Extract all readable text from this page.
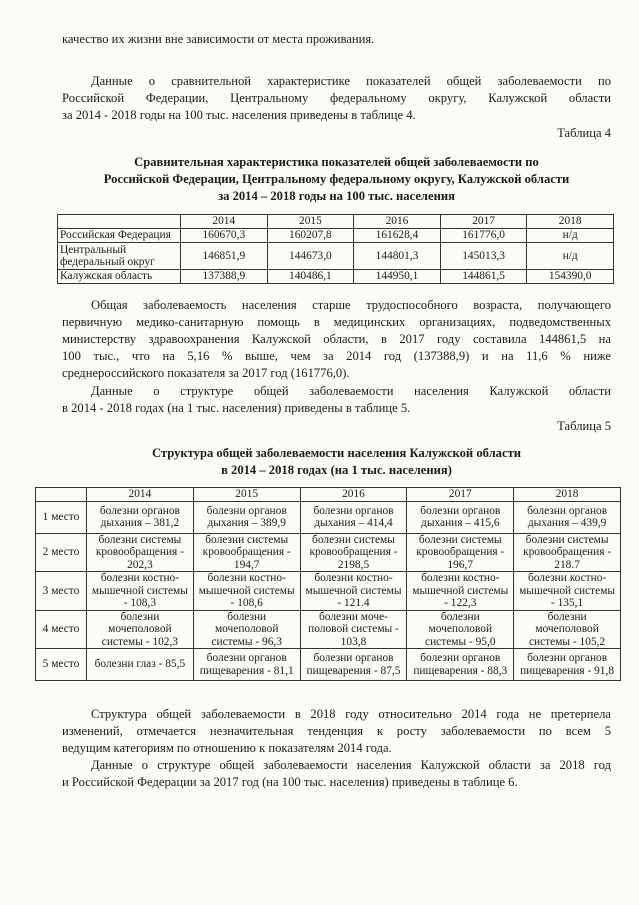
качество их жизни вне зависимости от места проживания.
Данные о сравнительной характеристике показателей общей заболеваемости по
Российской Федерации, Центральному федеральному округу, Калужской области
за 2014 - 2018 годы на 100 тыс. населения приведены в таблице 4.
Таблица 4
Сравнительная характеристика показателей общей заболеваемости по
Российской Федерации, Центральному федеральному округу, Калужской области
за 2014 – 2018 годы на 100 тыс. населения
	2014	2015	2016	2017	2018
Российская Федерация	160670,3	160207,8	161628,4	161776,0	н/д
Центральный федеральный округ	146851,9	144673,0	144801,3	145013,3	н/д
Калужская область	137388,9	140486,1	144950,1	144861,5	154390,0
Общая заболеваемость населения старше трудоспособного возраста, получающего
первичную медико-санитарную помощь в медицинских организациях, подведомственных
министерству здравоохранения Калужской области, в 2017 году составила 144861,5 на
100 тыс., что на 5,16 % выше, чем за 2014 год (137388,9) и на 11,6 % ниже
среднероссийского показателя за 2017 год (161776,0).
Данные о структуре общей заболеваемости населения Калужской области
в 2014 - 2018 годах (на 1 тыс. населения) приведены в таблице 5.
Таблица 5
Структура общей заболеваемости населения Калужской области
в 2014 – 2018 годах (на 1 тыс. населения)
	2014	2015	2016	2017	2018
1 место	болезни органов дыхания – 381,2	болезни органов дыхания – 389,9	болезни органов дыхания – 414,4	болезни органов дыхания – 415,6	болезни органов дыхания – 439,9
2 место	болезни системы кровообращения - 202,3	болезни системы кровообращения - 194,7	болезни системы кровообращения - 2198,5	болезни системы кровообращения - 196,7	болезни системы кровообращения - 218.7
3 место	болезни костно-мышечной системы - 108,3	болезни костно-мышечной системы - 108,6	болезни костно-мышечной системы - 121.4	болезни костно-мышечной системы - 122,3	болезни костно-мышечной системы - 135,1
4 место	болезни мочеполовой системы - 102,3	болезни мочеполовой системы - 96,3	болезни моче-половой системы - 103,8	болезни мочеполовой системы - 95,0	болезни мочеполовой системы - 105,2
5 место	болезни глаз - 85,5	болезни органов пищеварения - 81,1	болезни органов пищеварения - 87,5	болезни органов пищеварения - 88,3	болезни органов пищеварения - 91,8
Структура общей заболеваемости в 2018 году относительно 2014 года не претерпела
изменений, отмечается незначительная тенденция к росту заболеваемости по всем 5
ведущим категориям по отношению к показателям 2014 года.
Данные о структуре общей заболеваемости населения Калужской области за 2018 год
и Российской Федерации за 2017 год (на 100 тыс. населения) приведены в таблице 6.
